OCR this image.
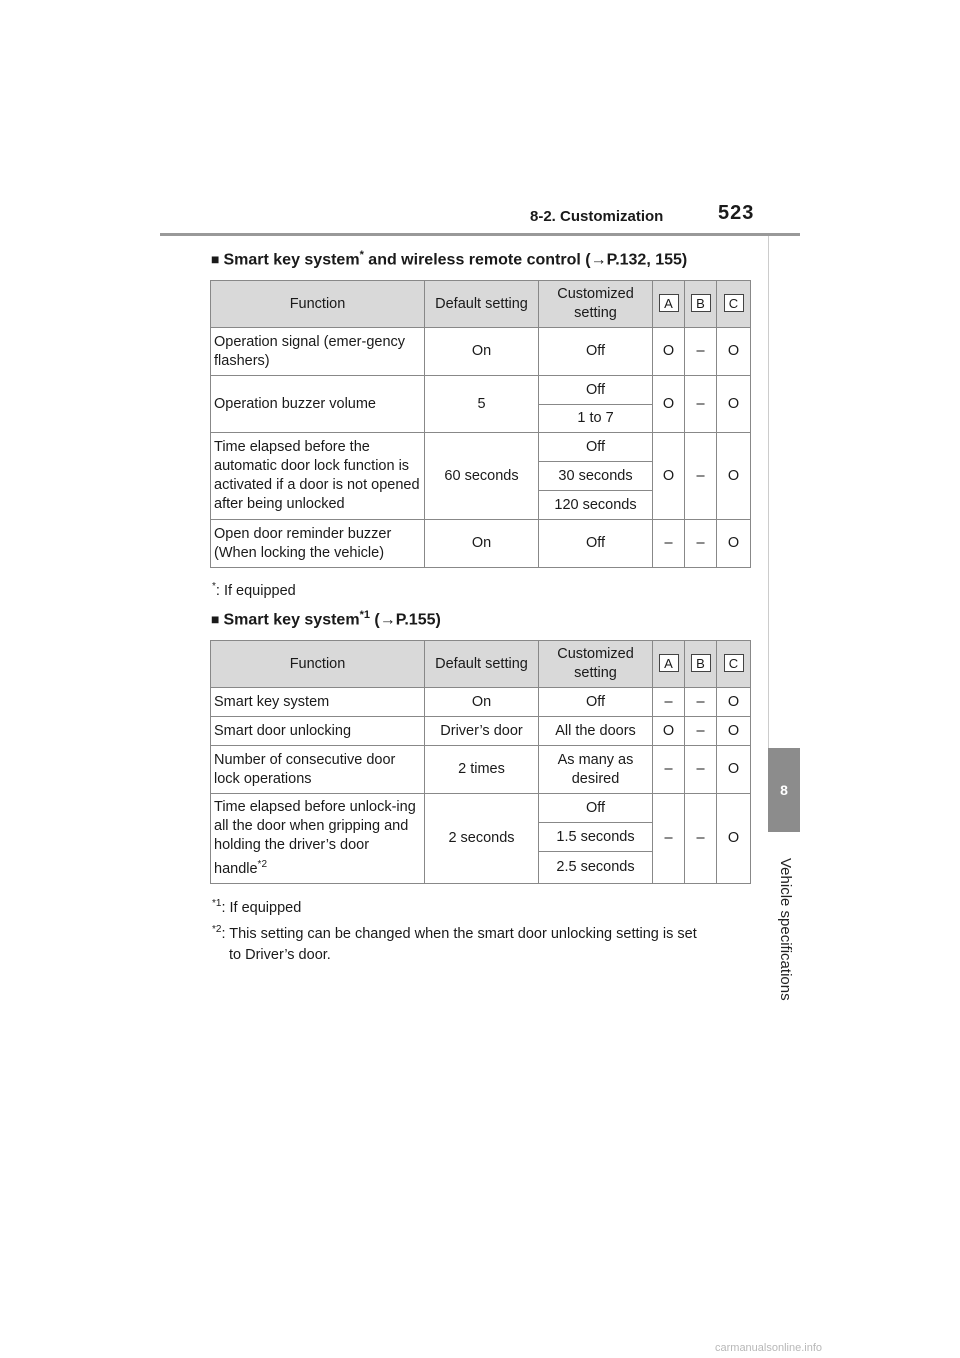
8-2. Customization	523
8
Vehicle specifications
■ Smart key system* and wireless remote control (→P.132, 155)
Function	Default setting	Customized setting	A	B	C
Operation signal (emer-gency flashers)	On	Off	O	–	O
Operation buzzer volume	5	Off	O	–	O
		1 to 7			
Time elapsed before the automatic door lock function is activated if a door is not opened after being unlocked	60 seconds	Off	O	–	O
		30 seconds			
		120 seconds			
Open door reminder buzzer (When locking the vehicle)	On	Off	–	–	O
*: If equipped
■ Smart key system$^{*1}$ (→P.155)
Function	Default setting	Customized setting	A	B	C
Smart key system	On	Off	–	–	O
Smart door unlocking	Driver’s door	All the doors	O	–	O
Number of consecutive door lock operations	2 times	As many as desired	–	–	O
Time elapsed before unlock-ing all the door when gripping and holding the driver’s door handle$^{*2}$	2 seconds	Off	–	–	O
		1.5 seconds			
		2.5 seconds			
$^{*1}$: If equipped
$^{*2}$: This setting can be changed when the smart door unlocking setting is set
to Driver’s door.
carmanualsonline.info
